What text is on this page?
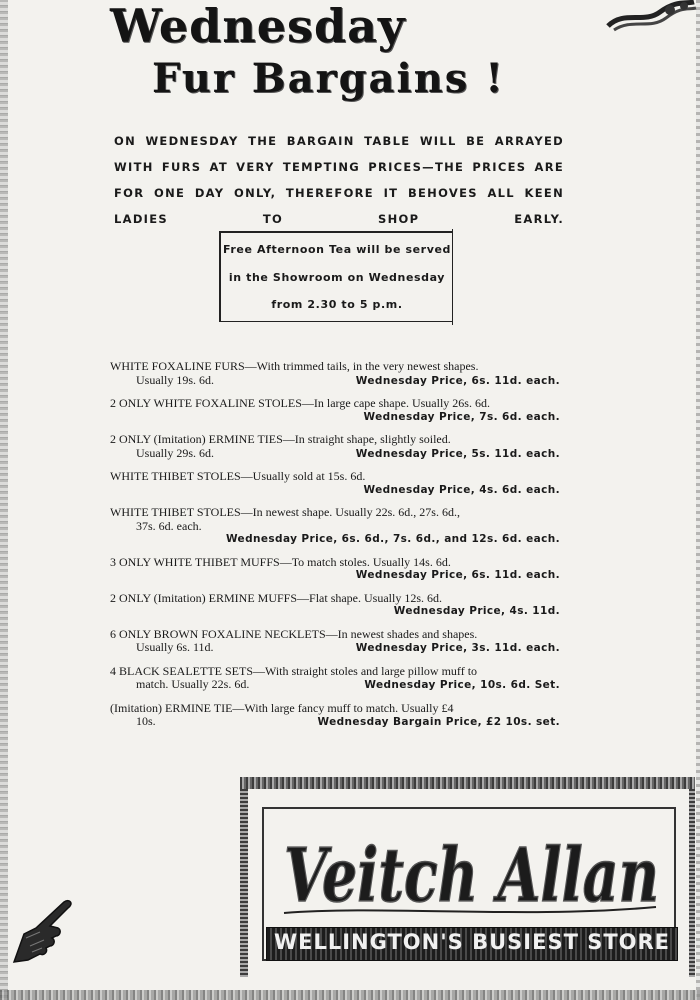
Wednesday
Fur Bargains !

ON WEDNESDAY THE BARGAIN TABLE WILL BE ARRAYED WITH FURS AT VERY TEMPTING PRICES—THE PRICES ARE FOR ONE DAY ONLY, THEREFORE IT BEHOVES ALL KEEN LADIES TO SHOP EARLY.

Free Afternoon Tea will be served

in the Showroom on Wednesday

from 2.30 to 5 p.m.

WHITE FOXALINE FURS—With trimmed tails, in the very newest shapes.
Usually 19s. 6d.	Wednesday Price, 6s. 11d. each.
2 ONLY WHITE FOXALINE STOLES—In large cape shape. Usually 26s. 6d.
Wednesday Price, 7s. 6d. each.
2 ONLY (Imitation) ERMINE TIES—In straight shape, slightly soiled.
Usually 29s. 6d.	Wednesday Price, 5s. 11d. each.
WHITE THIBET STOLES—Usually sold at 15s. 6d.
Wednesday Price, 4s. 6d. each.
WHITE THIBET STOLES—In newest shape. Usually 22s. 6d., 27s. 6d.,
37s. 6d. each.
Wednesday Price, 6s. 6d., 7s. 6d., and 12s. 6d. each.
3 ONLY WHITE THIBET MUFFS—To match stoles. Usually 14s. 6d.
Wednesday Price, 6s. 11d. each.
2 ONLY (Imitation) ERMINE MUFFS—Flat shape. Usually 12s. 6d.
Wednesday Price, 4s. 11d.
6 ONLY BROWN FOXALINE NECKLETS—In newest shades and shapes.
Usually 6s. 11d.	Wednesday Price, 3s. 11d. each.
4 BLACK SEALETTE SETS—With straight stoles and large pillow muff to
match. Usually 22s. 6d.	Wednesday Price, 10s. 6d. Set.
(Imitation) ERMINE TIE—With large fancy muff to match. Usually £4
10s.	Wednesday Bargain Price, £2 10s. set.
Veitch Allan

WELLINGTON'S BUSIEST STORE
